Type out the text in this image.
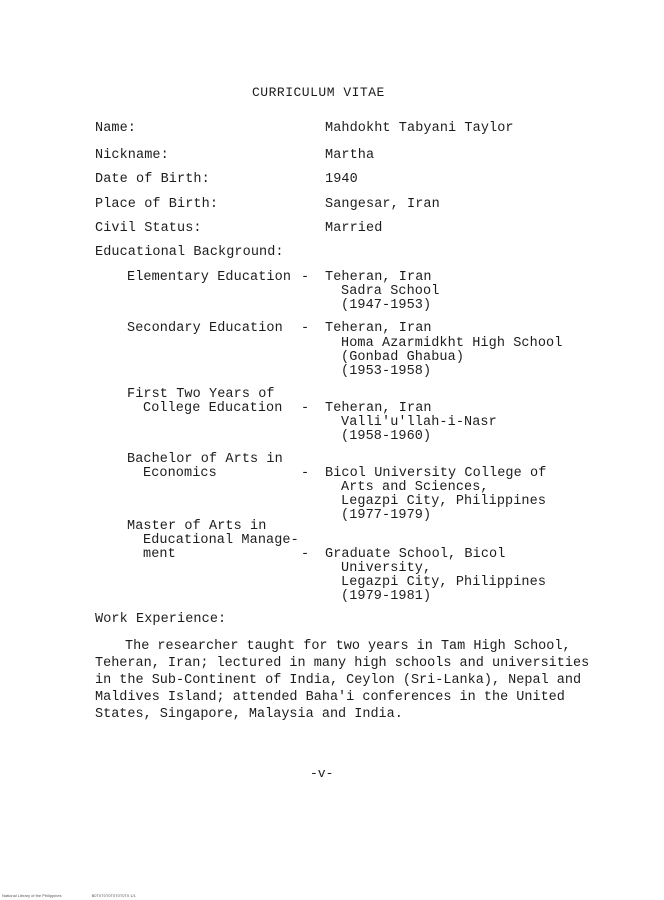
CURRICULUM VITAE
Name:	Mahdokht Tabyani Taylor
Nickname:	Martha
Date of Birth:	1940
Place of Birth:	Sangesar, Iran
Civil Status:	Married
Educational Background:
Elementary Education - Teheran, Iran
Sadra School
(1947-1953)
Secondary Education - Teheran, Iran
Homa Azarmidkht High School
(Gonbad Ghabua)
(1953-1958)
First Two Years of
College Education - Teheran, Iran
Valli'u'llah-i-Nasr
(1958-1960)
Bachelor of Arts in
Economics	- Bicol University College of
Arts and Sciences,
Legazpi City, Philippines
(1977-1979)
Master of Arts in
Educational Manage-
ment	- Graduate School, Bicol
University,
Legazpi City, Philippines
(1979-1981)
Work Experience:
The researcher taught for two years in Tam High School, Teheran, Iran; lectured in many high schools and universities in the Sub-Continent of India, Ceylon (Sri-Lanka), Nepal and Maldives Island; attended Baha'i conferences in the United States, Singapore, Malaysia and India.
-v-
National Library of the Philippines	B0T0T0T0T0T0T0T0 1/1
